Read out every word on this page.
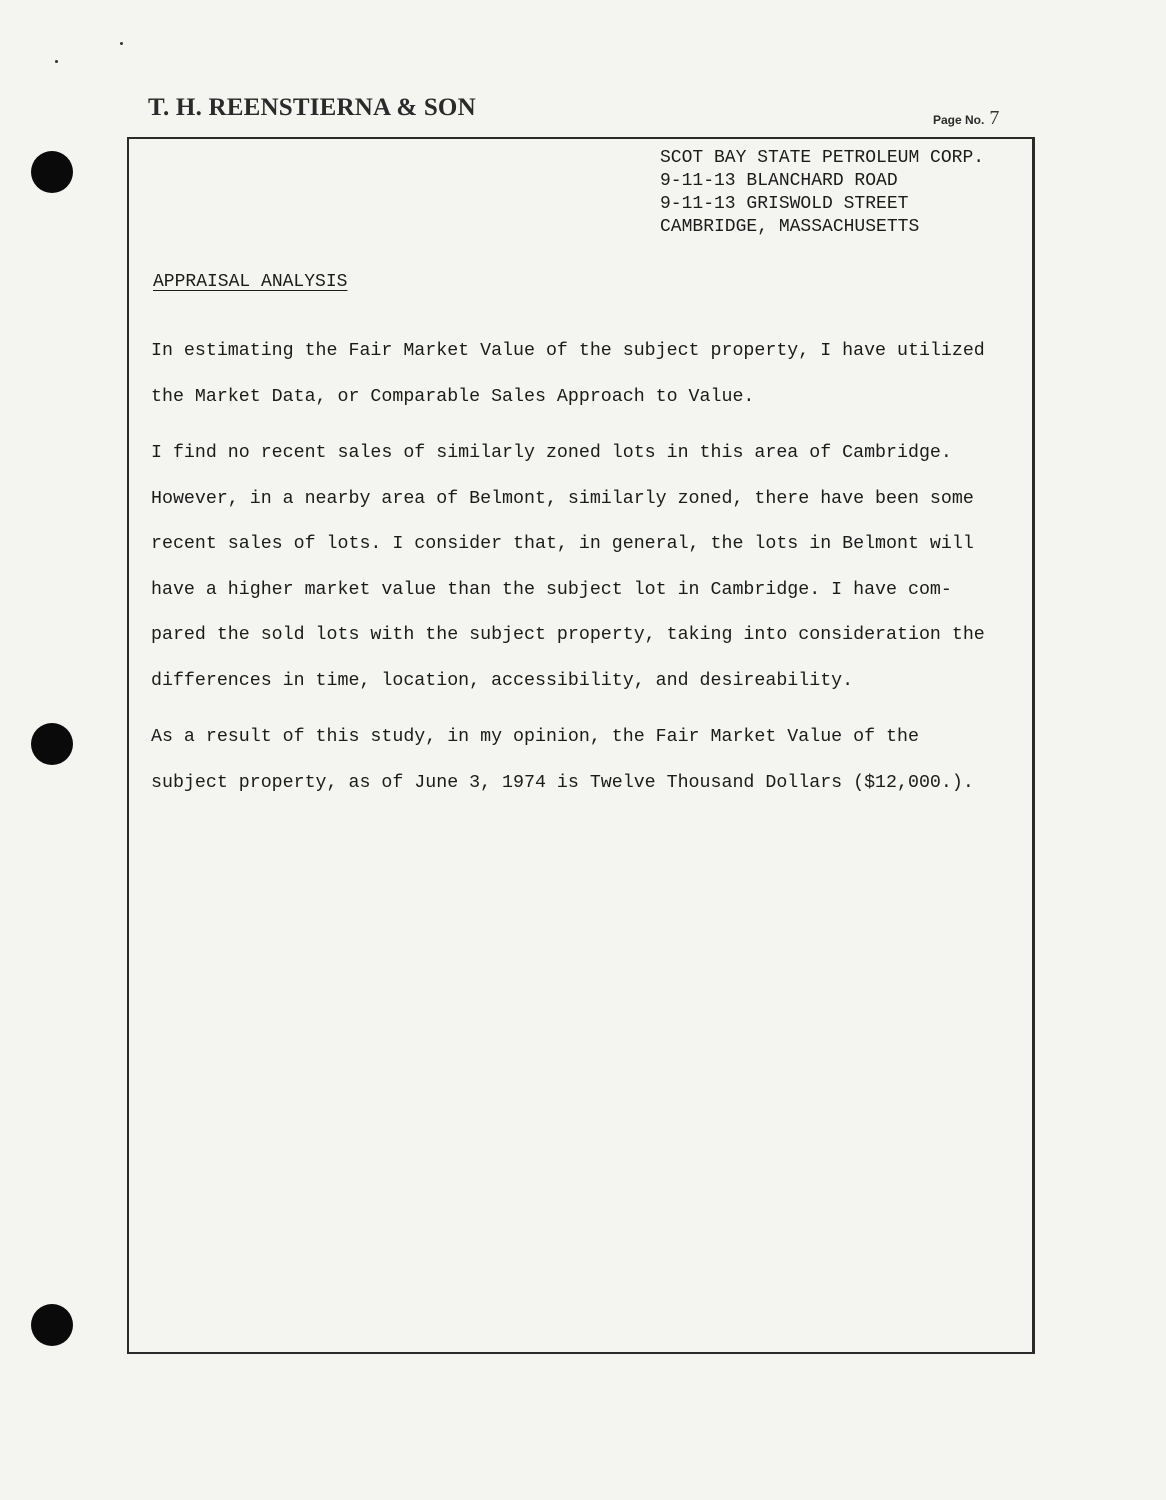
T. H. REENSTIERNA & SON	Page No. 7
SCOT BAY STATE PETROLEUM CORP.
9-11-13 BLANCHARD ROAD
9-11-13 GRISWOLD STREET
CAMBRIDGE, MASSACHUSETTS
APPRAISAL ANALYSIS
In estimating the Fair Market Value of the subject property, I have utilized
the Market Data, or Comparable Sales Approach to Value.
I find no recent sales of similarly zoned lots in this area of Cambridge.
However, in a nearby area of Belmont, similarly zoned, there have been some
recent sales of lots. I consider that, in general, the lots in Belmont will
have a higher market value than the subject lot in Cambridge. I have com-
pared the sold lots with the subject property, taking into consideration the
differences in time, location, accessibility, and desireability.
As a result of this study, in my opinion, the Fair Market Value of the
subject property, as of June 3, 1974 is Twelve Thousand Dollars ($12,000.).
